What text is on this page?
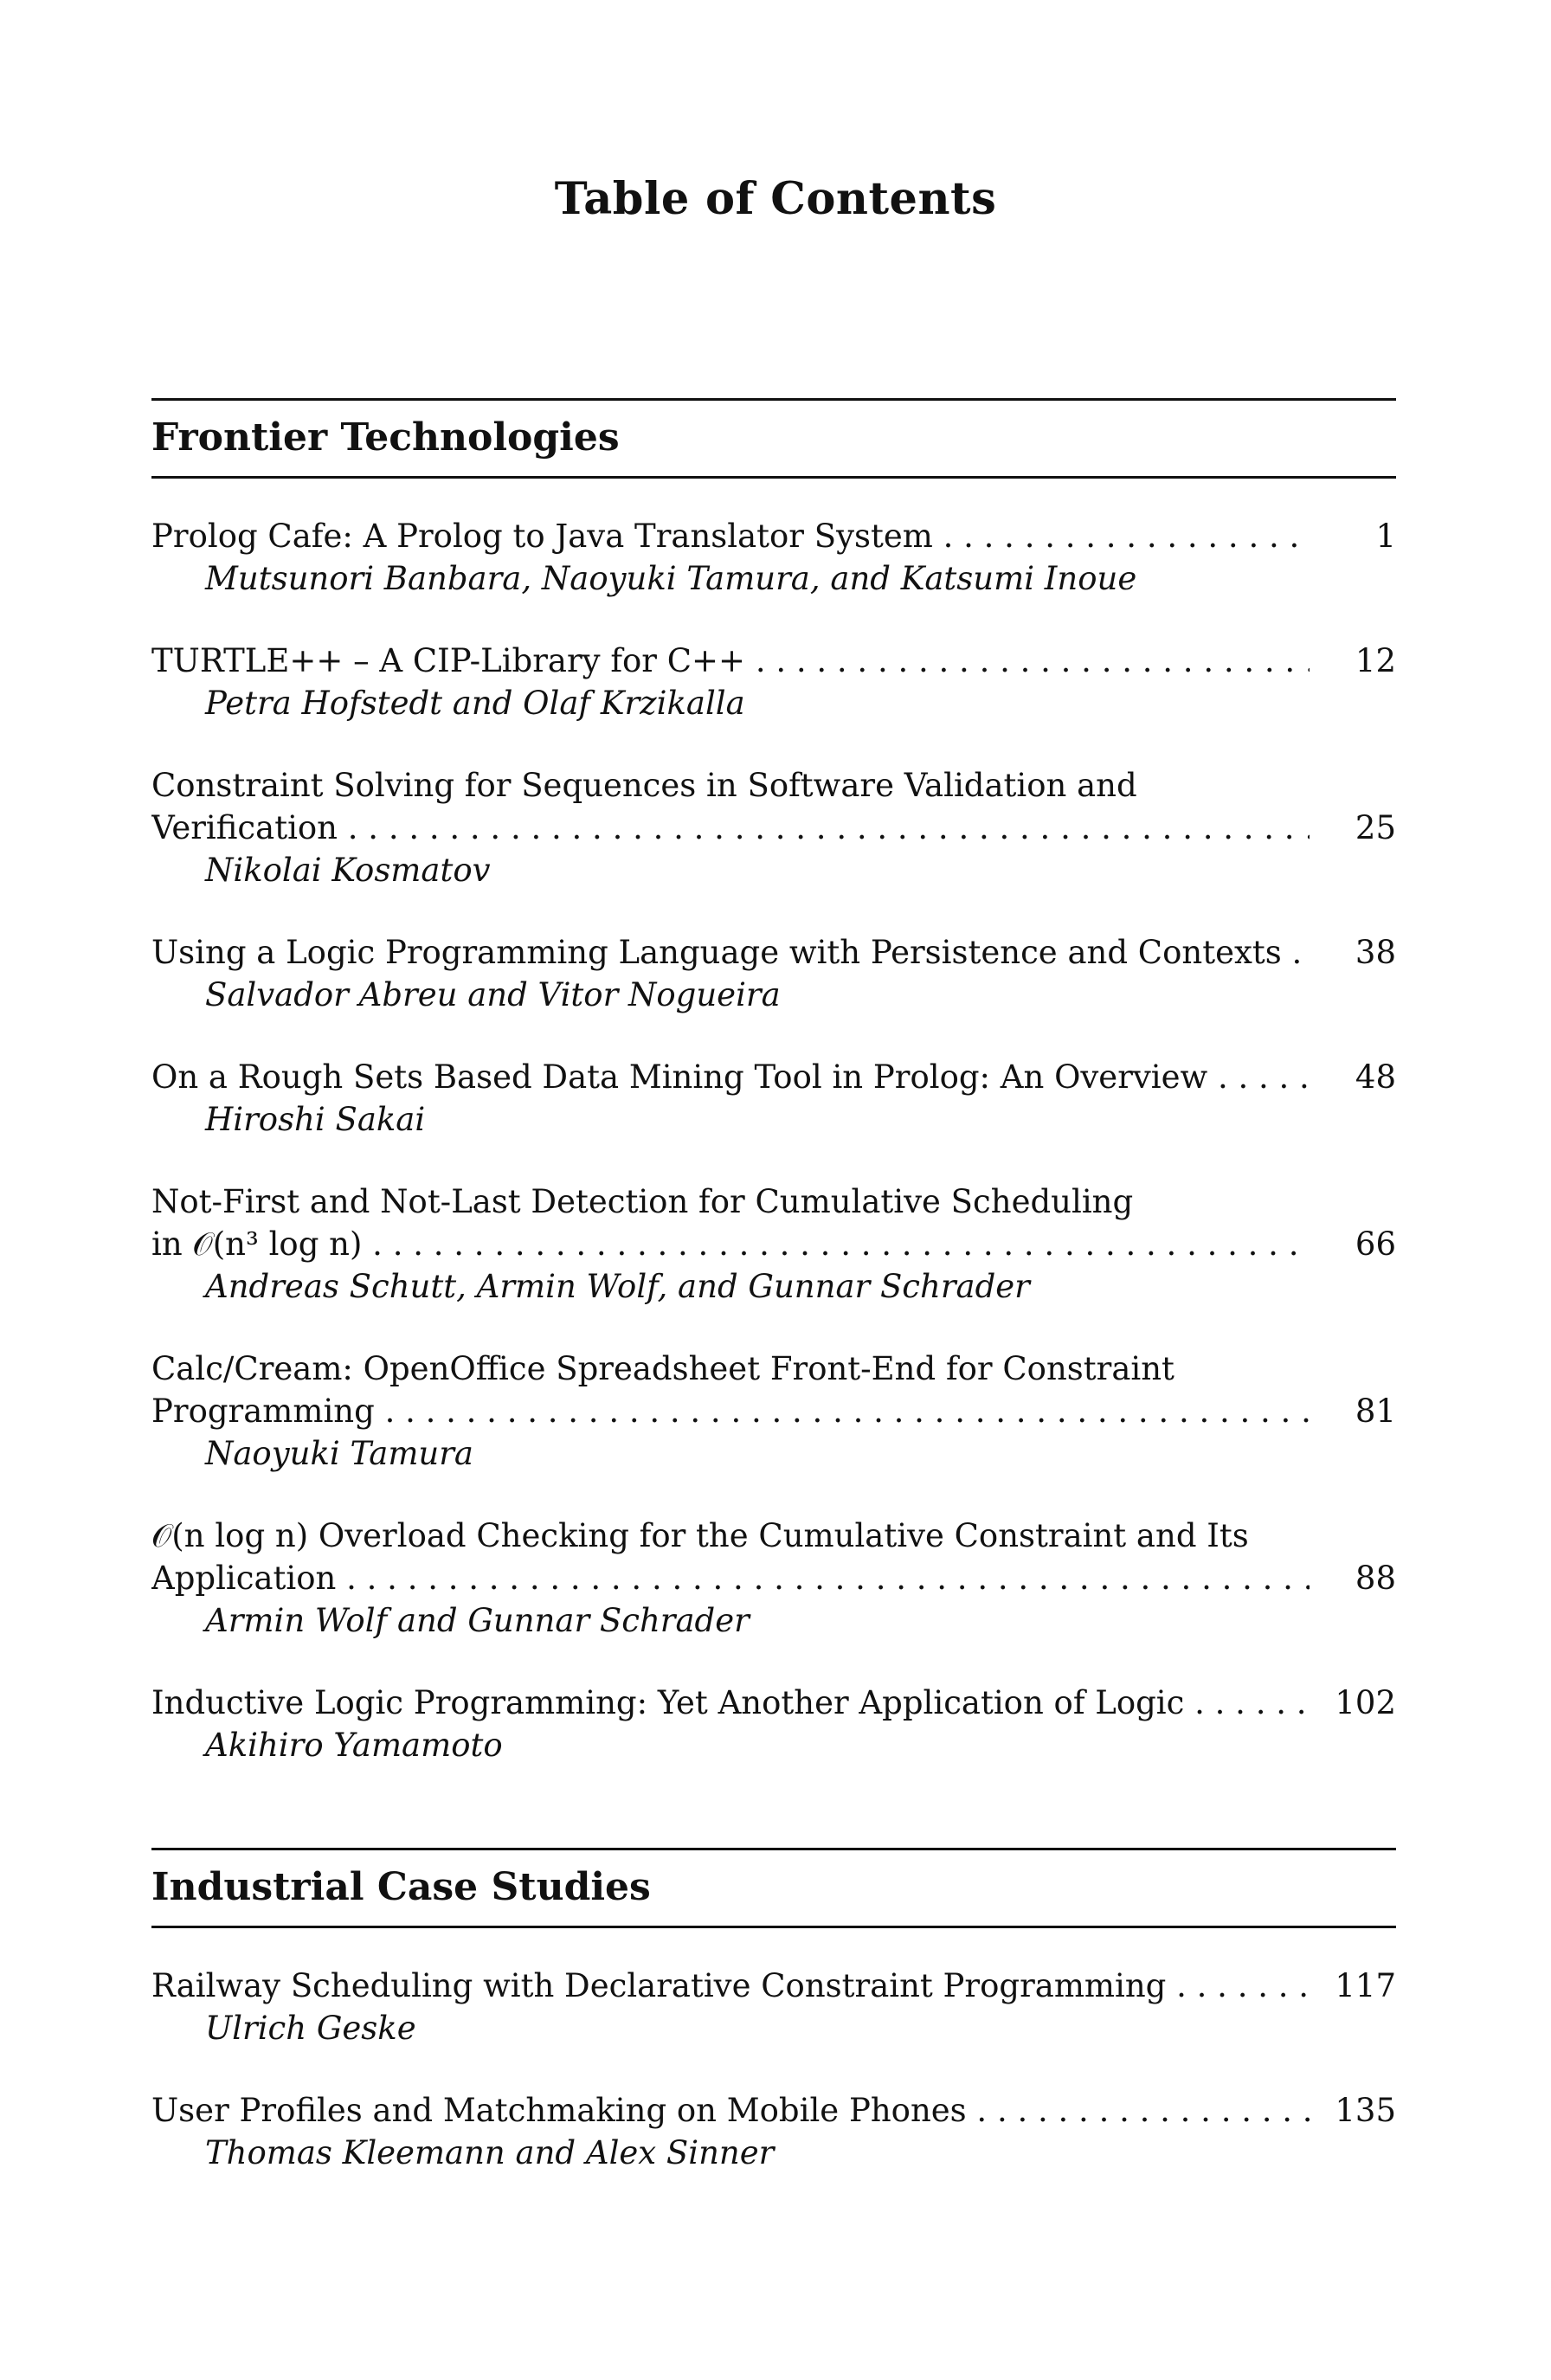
Table of Contents
Frontier Technologies
Prolog Cafe: A Prolog to Java Translator System . . .	1
Mutsunori Banbara, Naoyuki Tamura, and Katsumi Inoue
TURTLE++ – A CIP-Library for C++ . . .	12
Petra Hofstedt and Olaf Krzikalla
Constraint Solving for Sequences in Software Validation and
Verification . . .	25
Nikolai Kosmatov
Using a Logic Programming Language with Persistence and Contexts . . .	38
Salvador Abreu and Vitor Nogueira
On a Rough Sets Based Data Mining Tool in Prolog: An Overview . . .	48
Hiroshi Sakai
Not-First and Not-Last Detection for Cumulative Scheduling
in 𝒪(n³ log n) . . .	66
Andreas Schutt, Armin Wolf, and Gunnar Schrader
Calc/Cream: OpenOffice Spreadsheet Front-End for Constraint
Programming . . .	81
Naoyuki Tamura
𝒪(n log n) Overload Checking for the Cumulative Constraint and Its
Application . . .	88
Armin Wolf and Gunnar Schrader
Inductive Logic Programming: Yet Another Application of Logic . . .	102
Akihiro Yamamoto
Industrial Case Studies
Railway Scheduling with Declarative Constraint Programming . . .	117
Ulrich Geske
User Profiles and Matchmaking on Mobile Phones . . .	135
Thomas Kleemann and Alex Sinner
